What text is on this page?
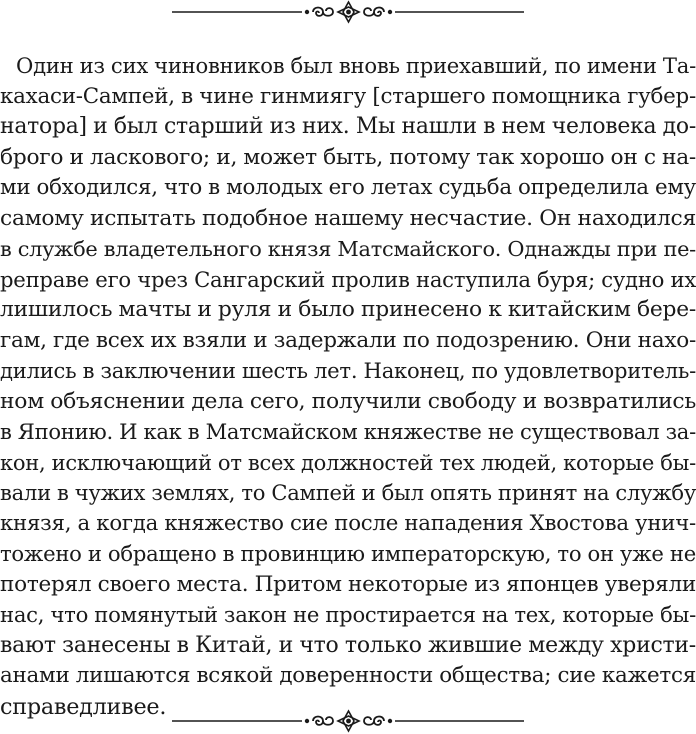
Один из сих чиновников был вновь приехавший, по имени Та-
кахаси-Сампей, в чине гинмиягу [старшего помощника губер-
натора] и был старший из них. Мы нашли в нем человека до-
брого и ласкового; и, может быть, потому так хорошо он с на-
ми обходился, что в молодых его летах судьба определила ему
самому испытать подобное нашему несчастие. Он находился
в службе владетельного князя Матсмайского. Однажды при пе-
реправе его чрез Сангарский пролив наступила буря; судно их
лишилось мачты и руля и было принесено к китайским бере-
гам, где всех их взяли и задержали по подозрению. Они нахо-
дились в заключении шесть лет. Наконец, по удовлетворитель-
ном объяснении дела сего, получили свободу и возвратились
в Японию. И как в Матсмайском княжестве не существовал за-
кон, исключающий от всех должностей тех людей, которые бы-
вали в чужих землях, то Сампей и был опять принят на службу
князя, а когда княжество сие после нападения Хвостова унич-
тожено и обращено в провинцию императорскую, то он уже не
потерял своего места. Притом некоторые из японцев уверяли
нас, что помянутый закон не простирается на тех, которые бы-
вают занесены в Китай, и что только жившие между христи-
анами лишаются всякой доверенности общества; сие кажется
справедливее.
